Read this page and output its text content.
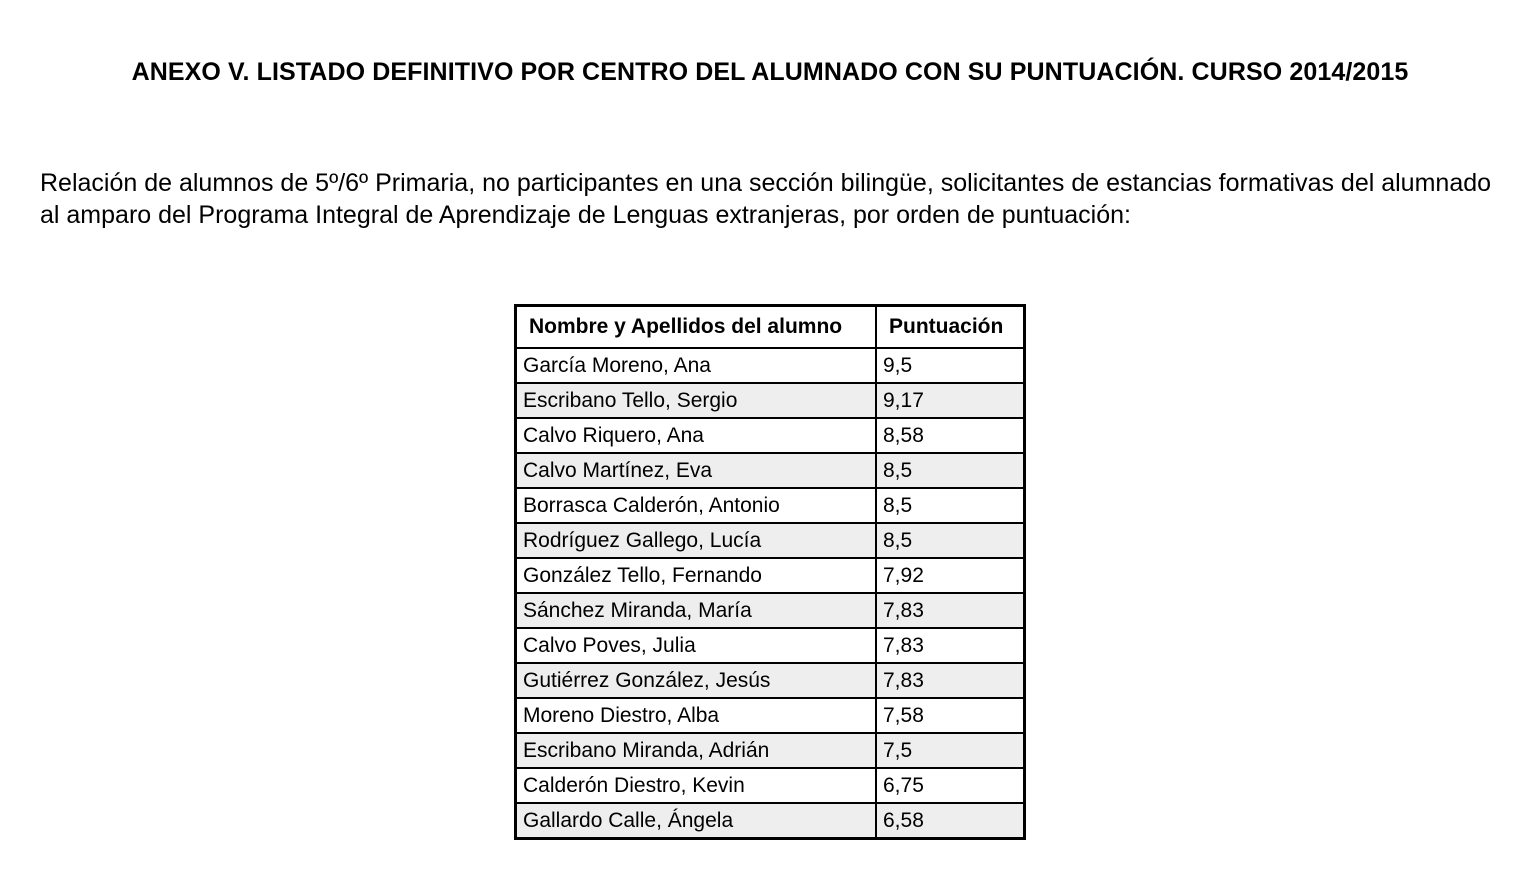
ANEXO V. LISTADO DEFINITIVO POR CENTRO DEL ALUMNADO CON SU PUNTUACIÓN. CURSO 2014/2015

Relación de alumnos de 5º/6º Primaria, no participantes en una sección bilingüe, solicitantes de estancias formativas del alumnado al amparo del Programa Integral de Aprendizaje de Lenguas extranjeras, por orden de puntuación:

Nombre y Apellidos del alumno	Puntuación
García Moreno, Ana	9,5
Escribano Tello, Sergio	9,17
Calvo Riquero, Ana	8,58
Calvo Martínez, Eva	8,5
Borrasca Calderón, Antonio	8,5
Rodríguez Gallego, Lucía	8,5
González Tello, Fernando	7,92
Sánchez Miranda, María	7,83
Calvo Poves, Julia	7,83
Gutiérrez González, Jesús	7,83
Moreno Diestro, Alba	7,58
Escribano Miranda, Adrián	7,5
Calderón Diestro, Kevin	6,75
Gallardo Calle, Ángela	6,58
